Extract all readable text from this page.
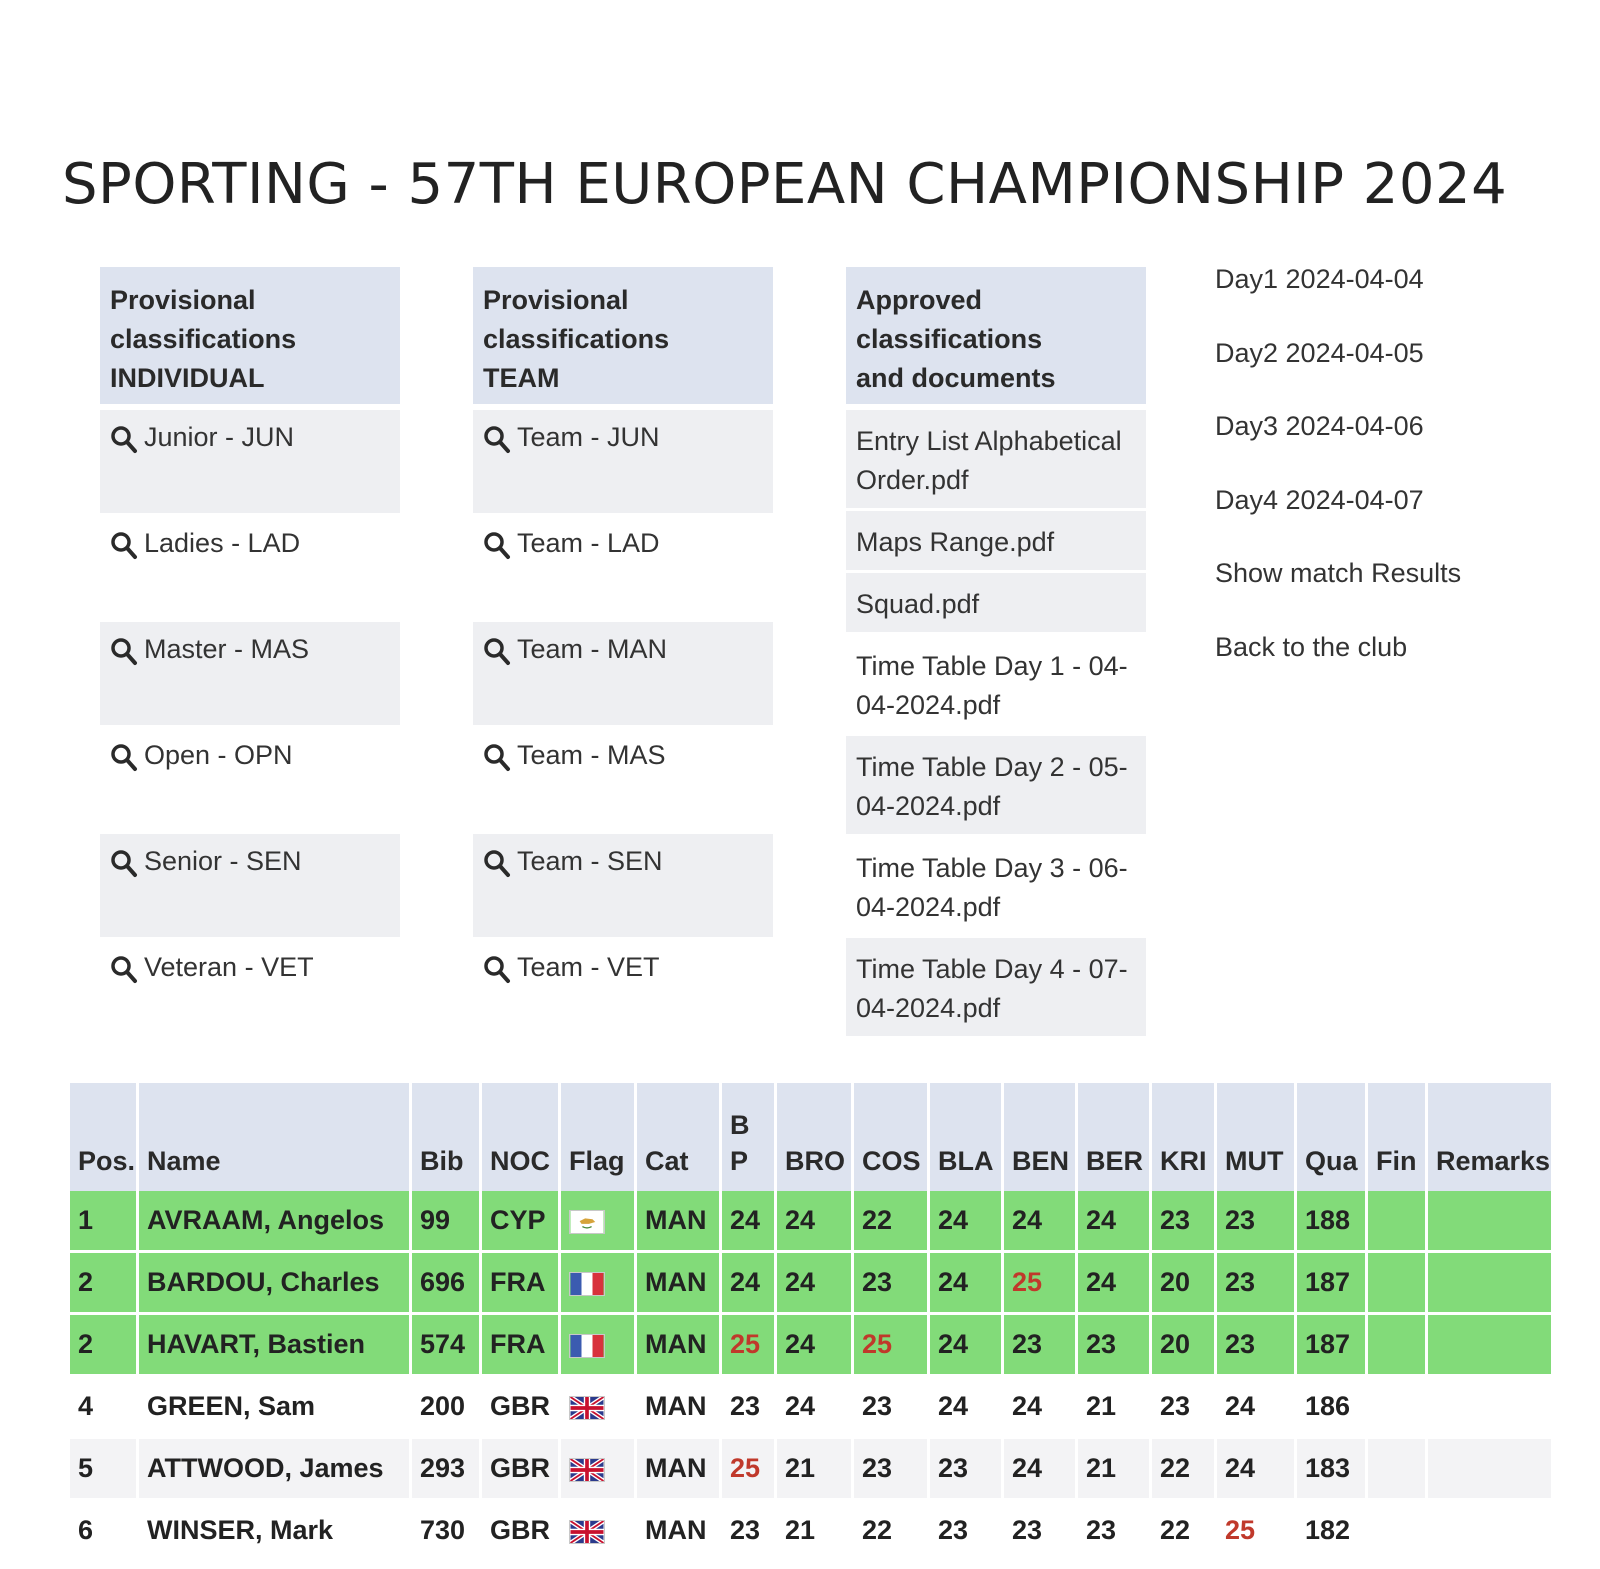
SPORTING - 57TH EUROPEAN CHAMPIONSHIP 2024
Provisional
classifications
INDIVIDUAL
Junior - JUN
Ladies - LAD
Master - MAS
Open - OPN
Senior - SEN
Veteran - VET
Provisional
classifications
TEAM
Team - JUN
Team - LAD
Team - MAN
Team - MAS
Team - SEN
Team - VET
Approved
classifications
and documents
Entry List Alphabetical Order.pdf
Maps Range.pdf
Squad.pdf
Time Table Day 1 - 04-04-2024.pdf
Time Table Day 2 - 05-04-2024.pdf
Time Table Day 3 - 06-04-2024.pdf
Time Table Day 4 - 07-04-2024.pdf
Day1 2024-04-04
Day2 2024-04-05
Day3 2024-04-06
Day4 2024-04-07
Show match Results
Back to the club
Pos.	Name	Bib	NOC	Flag	Cat	B P	BRO	COS	BLA	BEN	BER	KRI	MUT	Qua	Fin	Remarks
1	AVRAAM, Angelos	99	CYP		MAN	24	24	22	24	24	24	23	23	188		
2	BARDOU, Charles	696	FRA		MAN	24	24	23	24	25	24	20	23	187		
2	HAVART, Bastien	574	FRA		MAN	25	24	25	24	23	23	20	23	187		
4	GREEN, Sam	200	GBR		MAN	23	24	23	24	24	21	23	24	186		
5	ATTWOOD, James	293	GBR		MAN	25	21	23	23	24	21	22	24	183		
6	WINSER, Mark	730	GBR		MAN	23	21	22	23	23	23	22	25	182		
